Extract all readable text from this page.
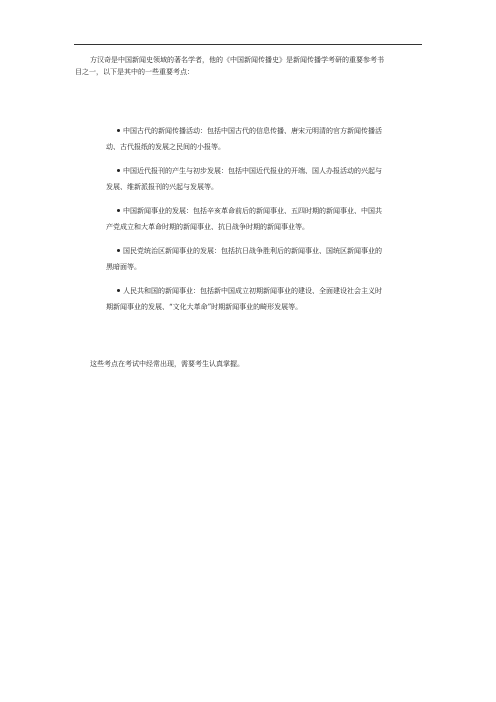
方汉奇是中国新闻史领域的著名学者，他的《中国新闻传播史》是新闻传播学考研的重要参考书
目之一，以下是其中的一些重要考点：

中国古代的新闻传播活动：包括中国古代的信息传播、唐宋元明清的官方新闻传播活
动、古代报纸的发展之民间的小报等。
中国近代报刊的产生与初步发展：包括中国近代报业的开端、国人办报活动的兴起与
发展、维新派报刊的兴起与发展等。
中国新闻事业的发展：包括辛亥革命前后的新闻事业、五四时期的新闻事业、中国共
产党成立和大革命时期的新闻事业、抗日战争时期的新闻事业等。
国民党统治区新闻事业的发展：包括抗日战争胜利后的新闻事业、国统区新闻事业的
黑暗面等。
人民共和国的新闻事业：包括新中国成立初期新闻事业的建设、全面建设社会主义时
期新闻事业的发展、“文化大革命”时期新闻事业的畸形发展等。

这些考点在考试中经常出现，需要考生认真掌握。
